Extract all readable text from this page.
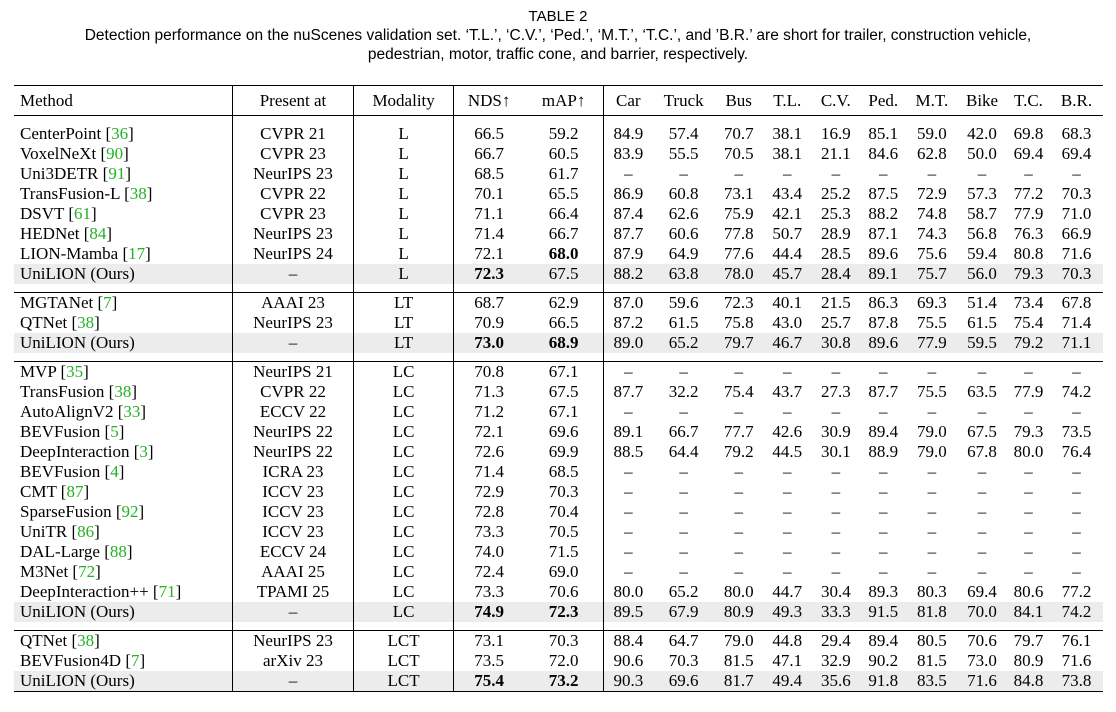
TABLE 2
Detection performance on the nuScenes validation set. ‘T.L.’, ‘C.V.’, ‘Ped.’, ‘M.T.’, ‘T.C.’, and ’B.R.’ are short for trailer, construction vehicle,
pedestrian, motor, traffic cone, and barrier, respectively.
Method	Present at	Modality	NDS↑	mAP↑	Car	Truck	Bus	T.L.	C.V.	Ped.	M.T.	Bike	T.C.	B.R.

CenterPoint [36]	CVPR 21	L	66.5	59.2	84.9	57.4	70.7	38.1	16.9	85.1	59.0	42.0	69.8	68.3
VoxelNeXt [90]	CVPR 23	L	66.7	60.5	83.9	55.5	70.5	38.1	21.1	84.6	62.8	50.0	69.4	69.4
Uni3DETR [91]	NeurIPS 23	L	68.5	61.7	–	–	–	–	–	–	–	–	–	–
TransFusion-L [38]	CVPR 22	L	70.1	65.5	86.9	60.8	73.1	43.4	25.2	87.5	72.9	57.3	77.2	70.3
DSVT [61]	CVPR 23	L	71.1	66.4	87.4	62.6	75.9	42.1	25.3	88.2	74.8	58.7	77.9	71.0
HEDNet [84]	NeurIPS 23	L	71.4	66.7	87.7	60.6	77.8	50.7	28.9	87.1	74.3	56.8	76.3	66.9
LION-Mamba [17]	NeurIPS 24	L	72.1	68.0	87.9	64.9	77.6	44.4	28.5	89.6	75.6	59.4	80.8	71.6
UniLION (Ours)	–	L	72.3	67.5	88.2	63.8	78.0	45.7	28.4	89.1	75.7	56.0	79.3	70.3

MGTANet [7]	AAAI 23	LT	68.7	62.9	87.0	59.6	72.3	40.1	21.5	86.3	69.3	51.4	73.4	67.8
QTNet [38]	NeurIPS 23	LT	70.9	66.5	87.2	61.5	75.8	43.0	25.7	87.8	75.5	61.5	75.4	71.4
UniLION (Ours)	–	LT	73.0	68.9	89.0	65.2	79.7	46.7	30.8	89.6	77.9	59.5	79.2	71.1

MVP [35]	NeurIPS 21	LC	70.8	67.1	–	–	–	–	–	–	–	–	–	–
TransFusion [38]	CVPR 22	LC	71.3	67.5	87.7	32.2	75.4	43.7	27.3	87.7	75.5	63.5	77.9	74.2
AutoAlignV2 [33]	ECCV 22	LC	71.2	67.1	–	–	–	–	–	–	–	–	–	–
BEVFusion [5]	NeurIPS 22	LC	72.1	69.6	89.1	66.7	77.7	42.6	30.9	89.4	79.0	67.5	79.3	73.5
DeepInteraction [3]	NeurIPS 22	LC	72.6	69.9	88.5	64.4	79.2	44.5	30.1	88.9	79.0	67.8	80.0	76.4
BEVFusion [4]	ICRA 23	LC	71.4	68.5	–	–	–	–	–	–	–	–	–	–
CMT [87]	ICCV 23	LC	72.9	70.3	–	–	–	–	–	–	–	–	–	–
SparseFusion [92]	ICCV 23	LC	72.8	70.4	–	–	–	–	–	–	–	–	–	–
UniTR [86]	ICCV 23	LC	73.3	70.5	–	–	–	–	–	–	–	–	–	–
DAL-Large [88]	ECCV 24	LC	74.0	71.5	–	–	–	–	–	–	–	–	–	–
M3Net [72]	AAAI 25	LC	72.4	69.0	–	–	–	–	–	–	–	–	–	–
DeepInteraction++ [71]	TPAMI 25	LC	73.3	70.6	80.0	65.2	80.0	44.7	30.4	89.3	80.3	69.4	80.6	77.2
UniLION (Ours)	–	LC	74.9	72.3	89.5	67.9	80.9	49.3	33.3	91.5	81.8	70.0	84.1	74.2

QTNet [38]	NeurIPS 23	LCT	73.1	70.3	88.4	64.7	79.0	44.8	29.4	89.4	80.5	70.6	79.7	76.1
BEVFusion4D [7]	arXiv 23	LCT	73.5	72.0	90.6	70.3	81.5	47.1	32.9	90.2	81.5	73.0	80.9	71.6
UniLION (Ours)	–	LCT	75.4	73.2	90.3	69.6	81.7	49.4	35.6	91.8	83.5	71.6	84.8	73.8
